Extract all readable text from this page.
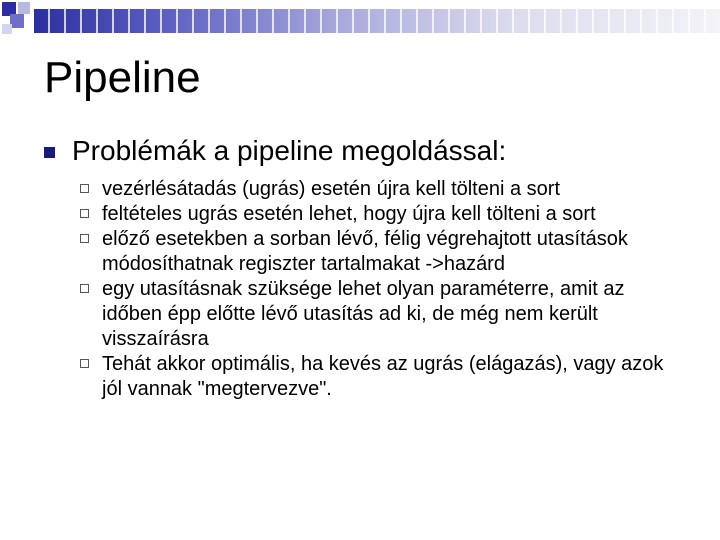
Pipeline
Problémák a pipeline megoldással:
vezérlésátadás (ugrás) esetén újra kell tölteni a sort
feltételes ugrás esetén lehet, hogy újra kell tölteni a sort
előző esetekben a sorban lévő, félig végrehajtott utasítások módosíthatnak regiszter tartalmakat ->hazárd
egy utasításnak szüksége lehet olyan paraméterre, amit az időben épp előtte lévő utasítás ad ki, de még nem került visszaírásra
Tehát akkor optimális, ha kevés az ugrás (elágazás), vagy azok jól vannak "megtervezve".
